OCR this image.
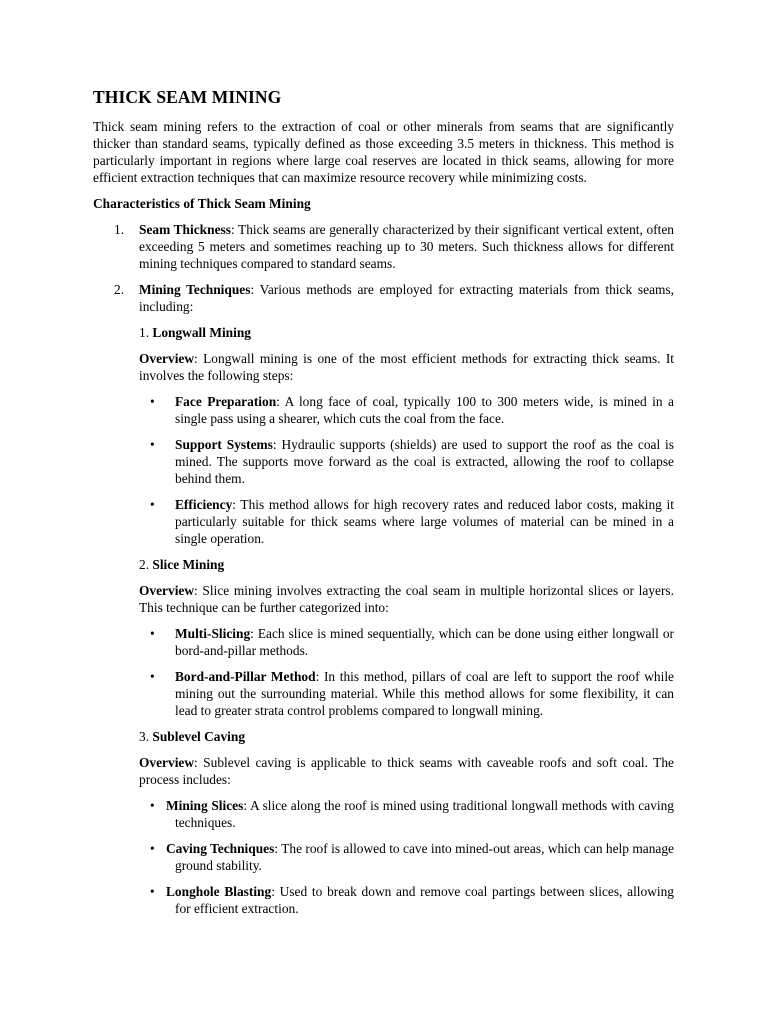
THICK SEAM MINING

Thick seam mining refers to the extraction of coal or other minerals from seams that are significantly thicker than standard seams, typically defined as those exceeding 3.5 meters in thickness. This method is particularly important in regions where large coal reserves are located in thick seams, allowing for more efficient extraction techniques that can maximize resource recovery while minimizing costs.

Characteristics of Thick Seam Mining

1. Seam Thickness: Thick seams are generally characterized by their significant vertical extent, often exceeding 5 meters and sometimes reaching up to 30 meters. Such thickness allows for different mining techniques compared to standard seams.

2. Mining Techniques: Various methods are employed for extracting materials from thick seams, including:

1. Longwall Mining

Overview: Longwall mining is one of the most efficient methods for extracting thick seams. It involves the following steps:

• Face Preparation: A long face of coal, typically 100 to 300 meters wide, is mined in a single pass using a shearer, which cuts the coal from the face.

• Support Systems: Hydraulic supports (shields) are used to support the roof as the coal is mined. The supports move forward as the coal is extracted, allowing the roof to collapse behind them.

• Efficiency: This method allows for high recovery rates and reduced labor costs, making it particularly suitable for thick seams where large volumes of material can be mined in a single operation.

2. Slice Mining

Overview: Slice mining involves extracting the coal seam in multiple horizontal slices or layers. This technique can be further categorized into:

• Multi-Slicing: Each slice is mined sequentially, which can be done using either longwall or bord-and-pillar methods.

• Bord-and-Pillar Method: In this method, pillars of coal are left to support the roof while mining out the surrounding material. While this method allows for some flexibility, it can lead to greater strata control problems compared to longwall mining.

3. Sublevel Caving

Overview: Sublevel caving is applicable to thick seams with caveable roofs and soft coal. The process includes:

• Mining Slices: A slice along the roof is mined using traditional longwall methods with caving techniques.

• Caving Techniques: The roof is allowed to cave into mined-out areas, which can help manage ground stability.

• Longhole Blasting: Used to break down and remove coal partings between slices, allowing for efficient extraction.
